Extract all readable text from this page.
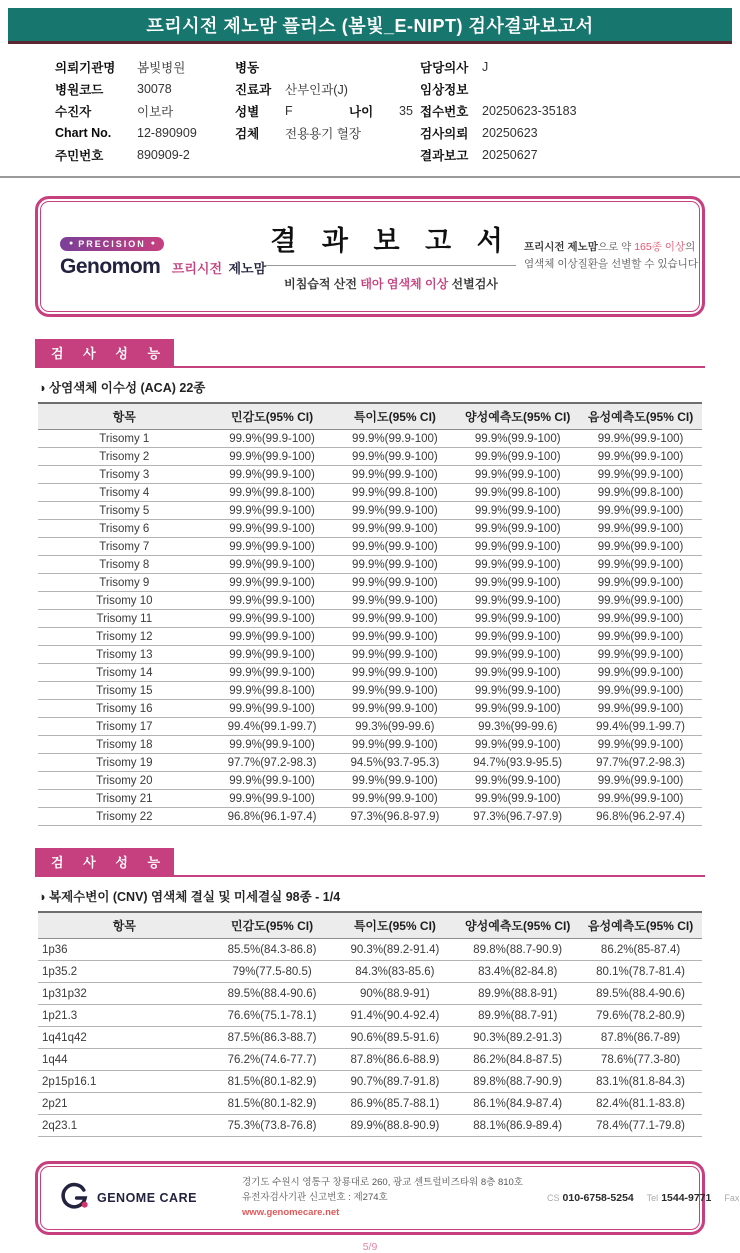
프리시전 제노맘 플러스 (봄빛_E-NIPT) 검사결과보고서
의뢰기관명	봄빛병원
병원코드	30078
수진자	이보라
Chart No.	12-890909
주민번호	890909-2
병동
진료과	산부인과(J)
성별	F	나이	35
검체	전용용기 혈장
담당의사	J
임상정보
접수번호	20250623-35183
검사의뢰	20250623
결과보고	20250627
● PRECISION ●
Genomom 프리시전 제노맘
결 과 보 고 서
비침습적 산전 태아 염색체 이상 선별검사
프리시전 제노맘으로 약 165종 이상의
염색체 이상질환을 선별할 수 있습니다
검 사 성 능
◑ 상염색체 이수성 (ACA) 22종
항목	민감도(95% CI)	특이도(95% CI)	양성예측도(95% CI)	음성예측도(95% CI)
Trisomy 1	99.9%(99.9-100)	99.9%(99.9-100)	99.9%(99.9-100)	99.9%(99.9-100)
Trisomy 2	99.9%(99.9-100)	99.9%(99.9-100)	99.9%(99.9-100)	99.9%(99.9-100)
Trisomy 3	99.9%(99.9-100)	99.9%(99.9-100)	99.9%(99.9-100)	99.9%(99.9-100)
Trisomy 4	99.9%(99.8-100)	99.9%(99.8-100)	99.9%(99.8-100)	99.9%(99.8-100)
Trisomy 5	99.9%(99.9-100)	99.9%(99.9-100)	99.9%(99.9-100)	99.9%(99.9-100)
Trisomy 6	99.9%(99.9-100)	99.9%(99.9-100)	99.9%(99.9-100)	99.9%(99.9-100)
Trisomy 7	99.9%(99.9-100)	99.9%(99.9-100)	99.9%(99.9-100)	99.9%(99.9-100)
Trisomy 8	99.9%(99.9-100)	99.9%(99.9-100)	99.9%(99.9-100)	99.9%(99.9-100)
Trisomy 9	99.9%(99.9-100)	99.9%(99.9-100)	99.9%(99.9-100)	99.9%(99.9-100)
Trisomy 10	99.9%(99.9-100)	99.9%(99.9-100)	99.9%(99.9-100)	99.9%(99.9-100)
Trisomy 11	99.9%(99.9-100)	99.9%(99.9-100)	99.9%(99.9-100)	99.9%(99.9-100)
Trisomy 12	99.9%(99.9-100)	99.9%(99.9-100)	99.9%(99.9-100)	99.9%(99.9-100)
Trisomy 13	99.9%(99.9-100)	99.9%(99.9-100)	99.9%(99.9-100)	99.9%(99.9-100)
Trisomy 14	99.9%(99.9-100)	99.9%(99.9-100)	99.9%(99.9-100)	99.9%(99.9-100)
Trisomy 15	99.9%(99.8-100)	99.9%(99.9-100)	99.9%(99.9-100)	99.9%(99.9-100)
Trisomy 16	99.9%(99.9-100)	99.9%(99.9-100)	99.9%(99.9-100)	99.9%(99.9-100)
Trisomy 17	99.4%(99.1-99.7)	99.3%(99-99.6)	99.3%(99-99.6)	99.4%(99.1-99.7)
Trisomy 18	99.9%(99.9-100)	99.9%(99.9-100)	99.9%(99.9-100)	99.9%(99.9-100)
Trisomy 19	97.7%(97.2-98.3)	94.5%(93.7-95.3)	94.7%(93.9-95.5)	97.7%(97.2-98.3)
Trisomy 20	99.9%(99.9-100)	99.9%(99.9-100)	99.9%(99.9-100)	99.9%(99.9-100)
Trisomy 21	99.9%(99.9-100)	99.9%(99.9-100)	99.9%(99.9-100)	99.9%(99.9-100)
Trisomy 22	96.8%(96.1-97.4)	97.3%(96.8-97.9)	97.3%(96.7-97.9)	96.8%(96.2-97.4)
검 사 성 능
◑ 복제수변이 (CNV) 염색체 결실 및 미세결실 98종 - 1/4
항목	민감도(95% CI)	특이도(95% CI)	양성예측도(95% CI)	음성예측도(95% CI)
1p36	85.5%(84.3-86.8)	90.3%(89.2-91.4)	89.8%(88.7-90.9)	86.2%(85-87.4)
1p35.2	79%(77.5-80.5)	84.3%(83-85.6)	83.4%(82-84.8)	80.1%(78.7-81.4)
1p31p32	89.5%(88.4-90.6)	90%(88.9-91)	89.9%(88.8-91)	89.5%(88.4-90.6)
1p21.3	76.6%(75.1-78.1)	91.4%(90.4-92.4)	89.9%(88.7-91)	79.6%(78.2-80.9)
1q41q42	87.5%(86.3-88.7)	90.6%(89.5-91.6)	90.3%(89.2-91.3)	87.8%(86.7-89)
1q44	76.2%(74.6-77.7)	87.8%(86.6-88.9)	86.2%(84.8-87.5)	78.6%(77.3-80)
2p15p16.1	81.5%(80.1-82.9)	90.7%(89.7-91.8)	89.8%(88.7-90.9)	83.1%(81.8-84.3)
2p21	81.5%(80.1-82.9)	86.9%(85.7-88.1)	86.1%(84.9-87.4)	82.4%(81.1-83.8)
2q23.1	75.3%(73.8-76.8)	89.9%(88.8-90.9)	88.1%(86.9-89.4)	78.4%(77.1-79.8)
GENOME CARE
경기도 수원시 영통구 창룡대로 260, 광교 센트럴비즈타워 8층 810호
유전자검사기관 신고번호 : 제274호
www.genomecare.net
CS 010-6758-5254 Tel 1544-9771 Fax
5/9
